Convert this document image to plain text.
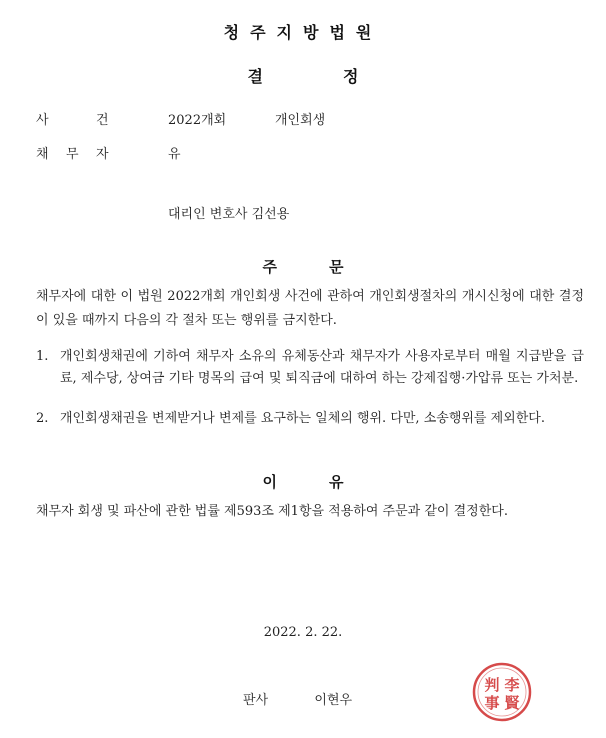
청주지방법원
결	정
사	건	2022개회	개인회생
채 무 자	유
대리인 변호사 김선용
주	문
채무자에 대한 이 법원 2022개회 개인회생 사건에 관하여 개인회생절차의 개시신청에 대한 결정이 있을 때까지 다음의 각 절차 또는 행위를 금지한다.
1. 개인회생채권에 기하여 채무자 소유의 유체동산과 채무자가 사용자로부터 매월 지급받을 급료, 제수당, 상여금 기타 명목의 급여 및 퇴직금에 대하여 하는 강제집행·가압류 또는 가처분.
2. 개인회생채권을 변제받거나 변제를 요구하는 일체의 행위. 다만, 소송행위를 제외한다.
이	유
채무자 회생 및 파산에 관한 법률 제593조 제1항을 적용하여 주문과 같이 결정한다.
2022. 2. 22.
판사	이현우
判 李
事 賢
